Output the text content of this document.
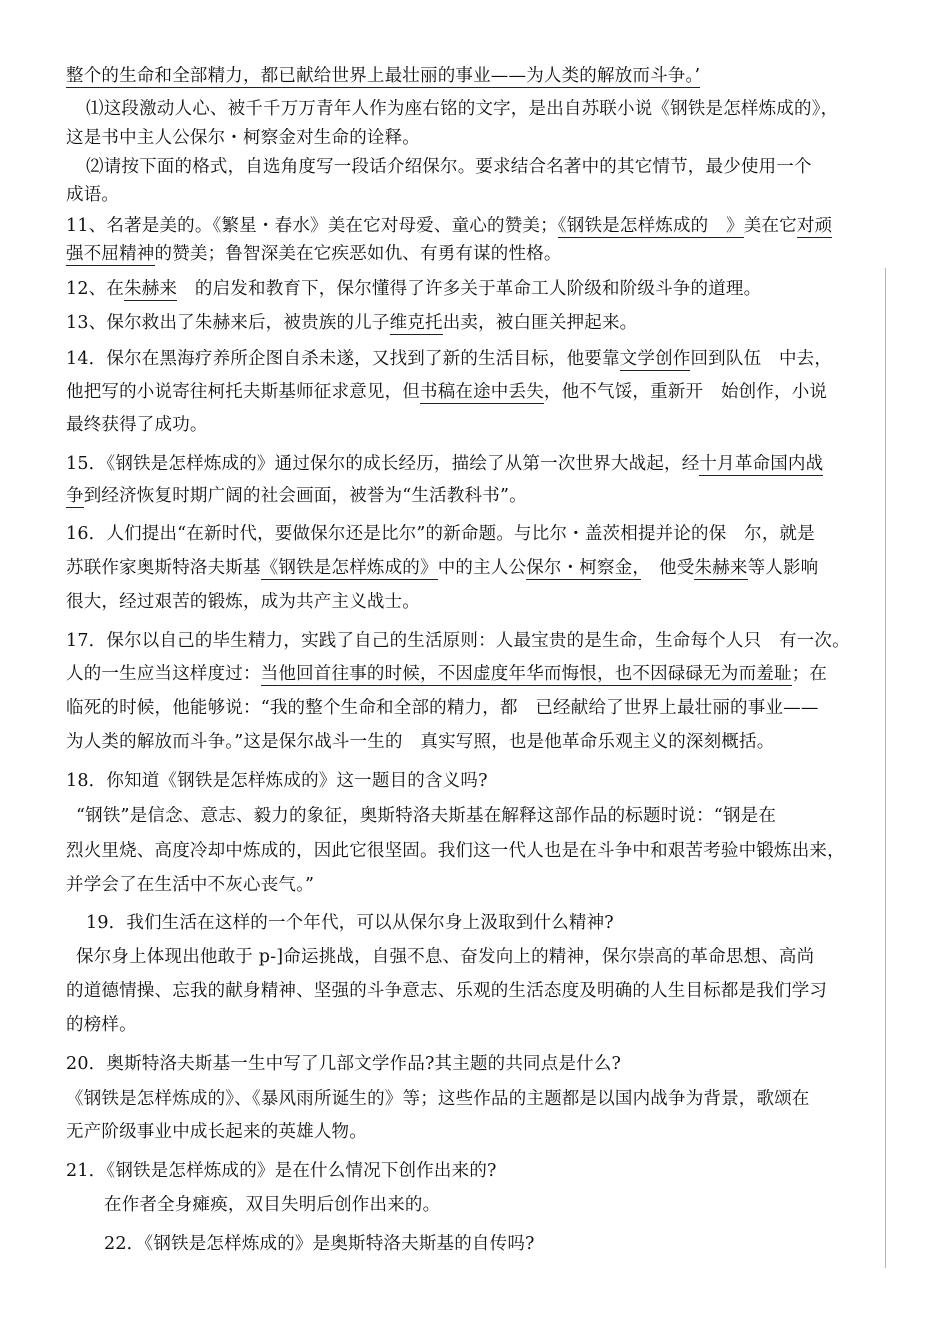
整个的生命和全部精力，都已献给世界上最壮丽的事业——为人类的解放而斗争。’
⑴这段激动人心、被千千万万青年人作为座右铭的文字，是出自苏联小说《钢铁是怎样炼成的》，
这是书中主人公保尔・柯察金对生命的诠释。
⑵请按下面的格式，自选角度写一段话介绍保尔。要求结合名著中的其它情节，最少使用一个
成语。
11、名著是美的。《繁星・春水》美在它对母爱、童心的赞美；《钢铁是怎样炼成的　》美在它对顽
强不屈精神的赞美；鲁智深美在它疾恶如仇、有勇有谋的性格。
12、在朱赫来　 的启发和教育下，保尔懂得了许多关于革命工人阶级和阶级斗争的道理。
13、保尔救出了朱赫来后，被贵族的儿子维克托出卖，被白匪关押起来。
14．保尔在黑海疗养所企图自杀未遂，又找到了新的生活目标，他要靠文学创作回到队伍　中去，
他把写的小说寄往柯托夫斯基师征求意见，但书稿在途中丢失，他不气馁，重新开　始创作，小说
最终获得了成功。
15．《钢铁是怎样炼成的》通过保尔的成长经历，描绘了从第一次世界大战起，经十月革命国内战
争到经济恢复时期广阔的社会画面，被誉为“生活教科书”。
16．人们提出“在新时代，要做保尔还是比尔”的新命题。与比尔・盖茨相提并论的保　尔，就是
苏联作家奥斯特洛夫斯基《钢铁是怎样炼成的》中的主人公保尔・柯察金，　他受朱赫来等人影响
很大，经过艰苦的锻炼，成为共产主义战士。
17．保尔以自己的毕生精力，实践了自己的生活原则：人最宝贵的是生命，生命每个人只　有一次。
人的一生应当这样度过：当他回首往事的时候，不因虚度年华而悔恨，也不因碌碌无为而羞耻；在
临死的时候，他能够说：“我的整个生命和全部的精力，都　已经献给了世界上最壮丽的事业——
为人类的解放而斗争。”这是保尔战斗一生的　真实写照，也是他革命乐观主义的深刻概括。
18．你知道《钢铁是怎样炼成的》这一题目的含义吗?
“钢铁”是信念、意志、毅力的象征，奥斯特洛夫斯基在解释这部作品的标题时说：“钢是在
烈火里烧、高度冷却中炼成的，因此它很坚固。我们这一代人也是在斗争中和艰苦考验中锻炼出来，
并学会了在生活中不灰心丧气。”
19．我们生活在这样的一个年代，可以从保尔身上汲取到什么精神?
保尔身上体现出他敢于 p-]命运挑战，自强不息、奋发向上的精神，保尔崇高的革命思想、高尚
的道德情操、忘我的献身精神、坚强的斗争意志、乐观的生活态度及明确的人生目标都是我们学习
的榜样。
20．奥斯特洛夫斯基一生中写了几部文学作品?其主题的共同点是什么?
《钢铁是怎样炼成的》、《暴风雨所诞生的》等；这些作品的主题都是以国内战争为背景，歌颂在
无产阶级事业中成长起来的英雄人物。
21．《钢铁是怎样炼成的》是在什么情况下创作出来的?
在作者全身瘫痪，双目失明后创作出来的。
22．《钢铁是怎样炼成的》是奥斯特洛夫斯基的自传吗?
